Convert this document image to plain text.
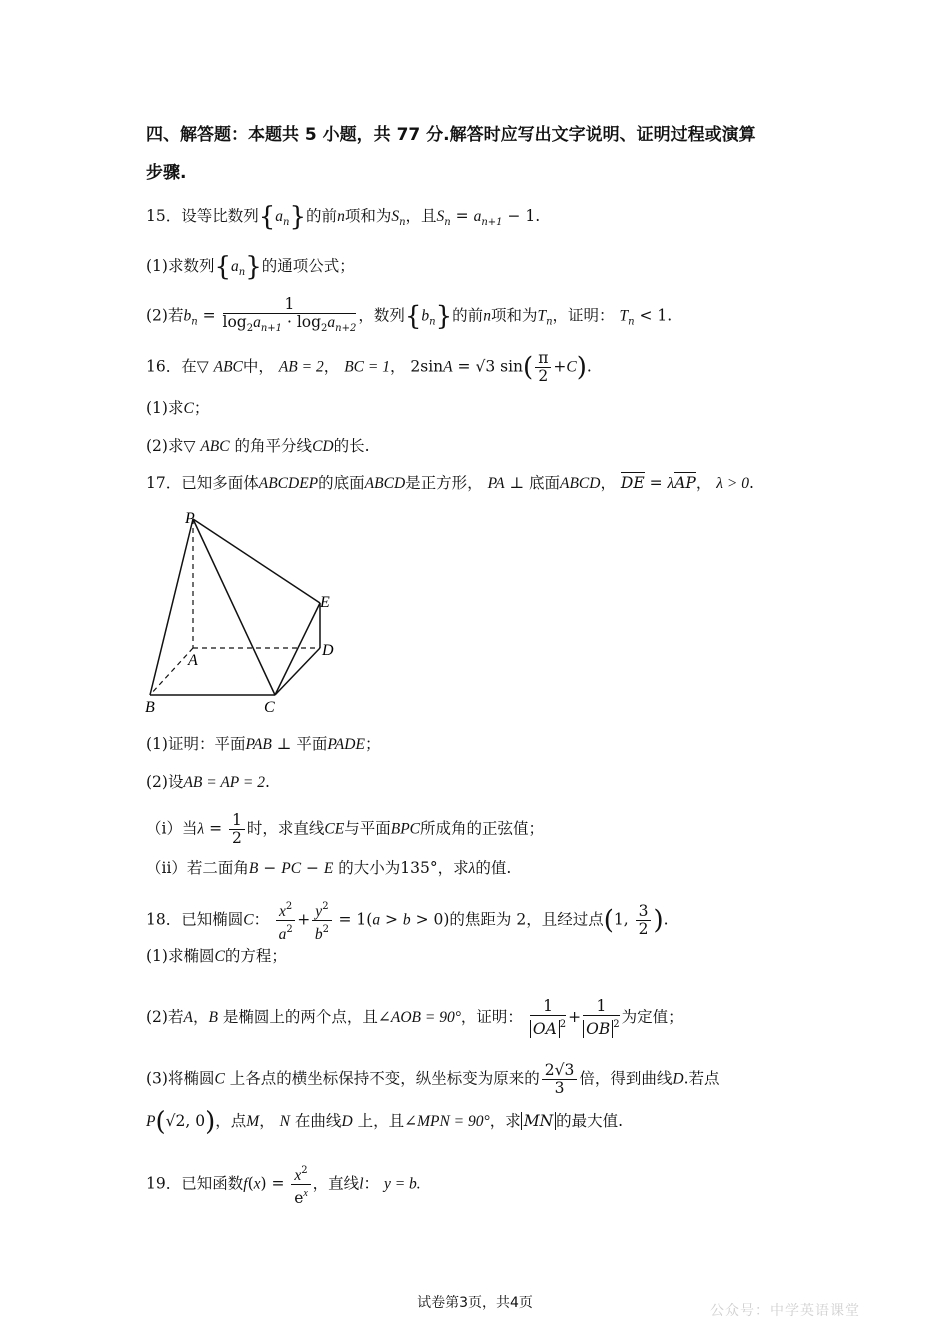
四、解答题：本题共 5 小题，共 77 分.解答时应写出文字说明、证明过程或演算
步骤.
15．设等比数列$\{a_n\}$的前n项和为$S_n$，且$S_n = a_{n+1} - 1$.
(1)求数列$\{a_n\}$的通项公式；
(2)若$b_n = \frac{1}{\log_2a_{n+1} \cdot \log_2a_{n+2}}$ ，数列$\{b_n\}$的前n项和为$T_n$，证明： $T_n < 1$.
16．在▽ ABC中， AB = 2， BC = 1， 2sinA = √3 $\sin( \frac{\pi}{2} +C)$.
(1)求C；
(2)求▽ ABC 的角平分线CD的长.
17．已知多面体ABCDEP的底面ABCD是正方形， PA ⊥ 底面ABCD， DE = λAP， λ > 0.
P
E
A
D
B	C
(1)证明：平面PAB ⊥ 平面PADE；
(2)设AB = AP = 2.
（i）当$\lambda = \frac{1}{2}$ 时，求直线CE与平面BPC所成角的正弦值；
（ii）若二面角B − PC − E 的大小为135°，求λ的值.
18．已知椭圆C： $\frac{x^2}{a^2} + \frac{y^2}{b^2} = 1(a > b > 0)$的焦距为 2，且经过点(1, $\frac{3}{2}$ ).
(1)求椭圆C的方程；
(2)若A，B 是椭圆上的两个点，且∠AOB = 90°，证明： $\frac{1}{OA ^2} + \frac{1}{OB ^2}$ 为定值；
(3)将椭圆C 上各点的横坐标保持不变，纵坐标变为原来的 $\frac{2√3}{3}$ 倍，得到曲线D.若点
P(√2, 0)，点M， N 在曲线D 上，且∠MPN = 90°，求 MN 的最大值.
19．已知函数$f(x) = \frac{x^2}{e^x}$ ，直线l： y = b.
试卷第3页，共4页	公众号：中学英语课堂
